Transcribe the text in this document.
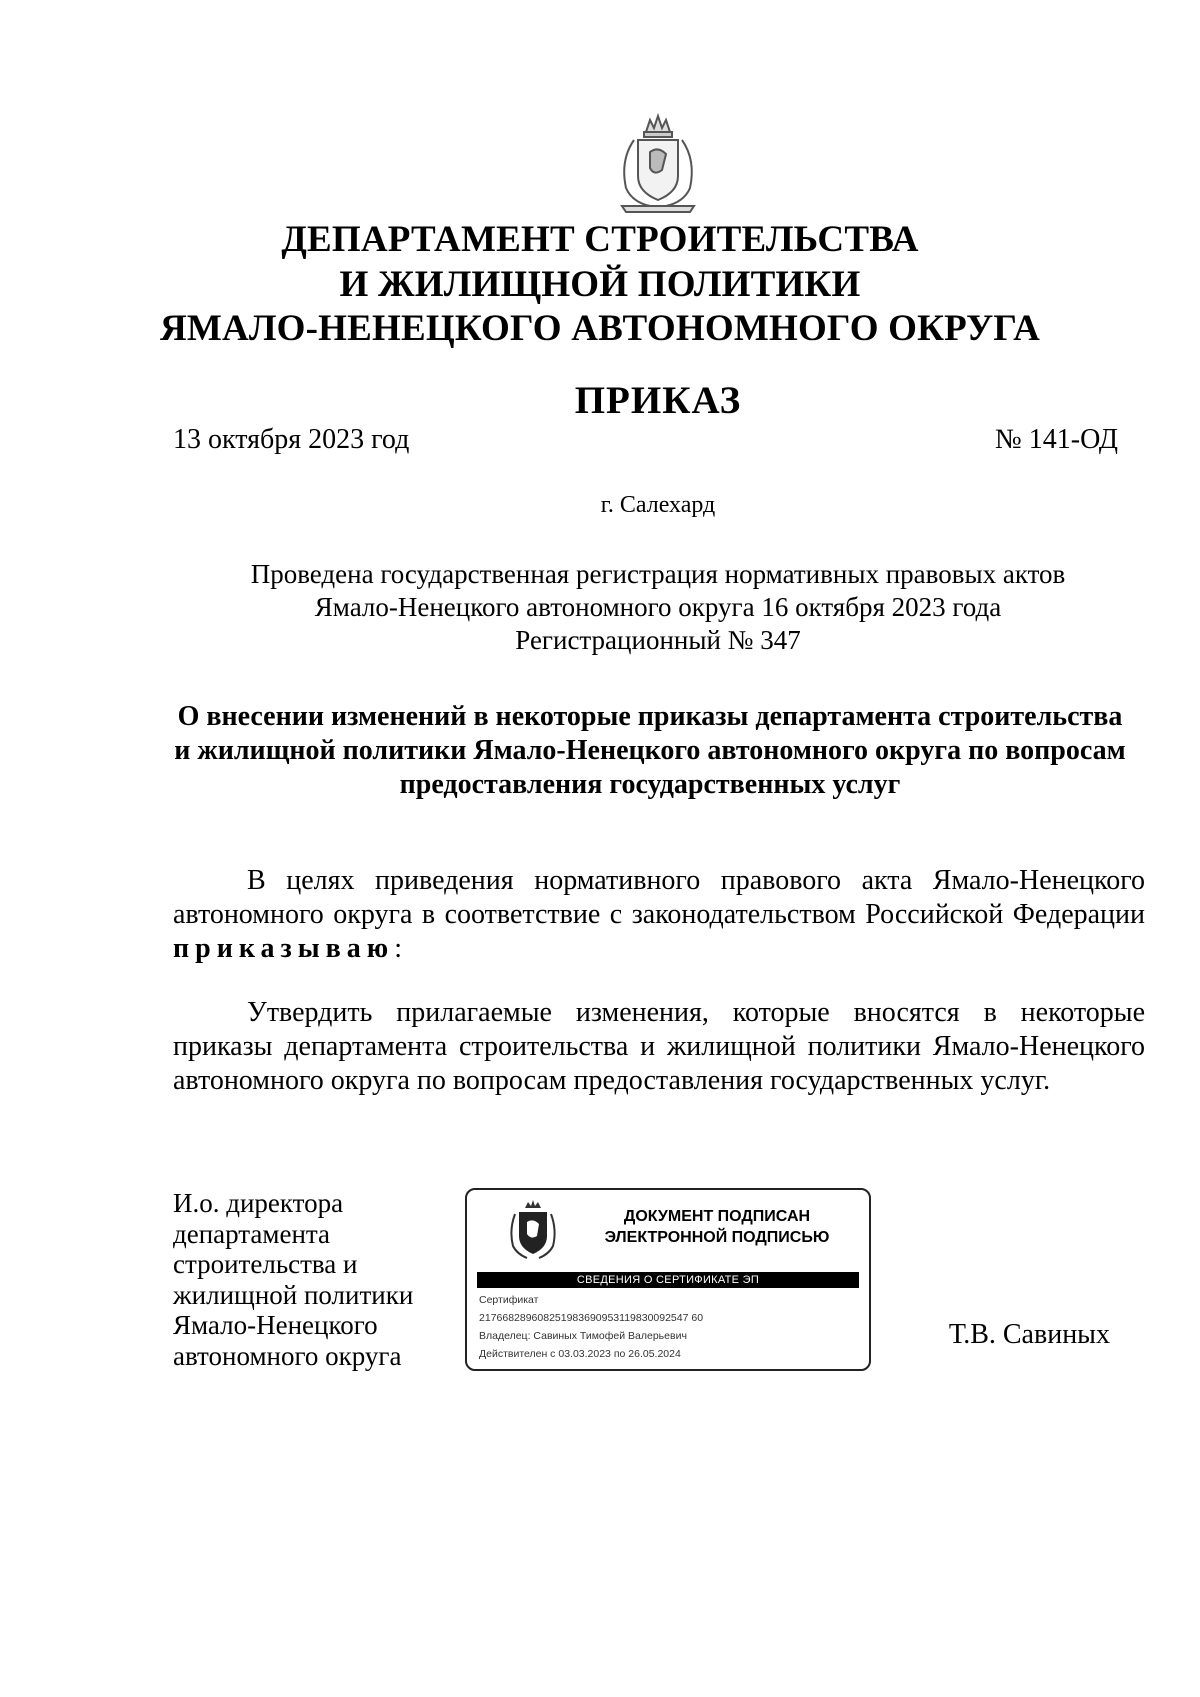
ДЕПАРТАМЕНТ СТРОИТЕЛЬСТВА
И ЖИЛИЩНОЙ ПОЛИТИКИ
ЯМАЛО-НЕНЕЦКОГО АВТОНОМНОГО ОКРУГА
ПРИКАЗ
13 октября 2023 год	№ 141-ОД
г. Салехард
Проведена государственная регистрация нормативных правовых актов
Ямало-Ненецкого автономного округа 16 октября 2023 года
Регистрационный № 347
О внесении изменений в некоторые приказы департамента строительства
и жилищной политики Ямало-Ненецкого автономного округа по вопросам
предоставления государственных услуг
В целях приведения нормативного правового акта Ямало-Ненецкого
автономного округа в соответствие с законодательством Российской Федерации
приказываю:
Утвердить прилагаемые изменения, которые вносятся в некоторые
приказы департамента строительства и жилищной политики Ямало-Ненецкого
автономного округа по вопросам предоставления государственных услуг.
И.о. директора
департамента
строительства и
жилищной политики
Ямало-Ненецкого
автономного округа
ДОКУМЕНТ ПОДПИСАН
ЭЛЕКТРОННОЙ ПОДПИСЬЮ
СВЕДЕНИЯ О СЕРТИФИКАТЕ ЭП
Сертификат
217668289608251983690953119830092547 60
Владелец: Савиных Тимофей Валерьевич
Действителен с 03.03.2023 по 26.05.2024
Т.В. Савиных
